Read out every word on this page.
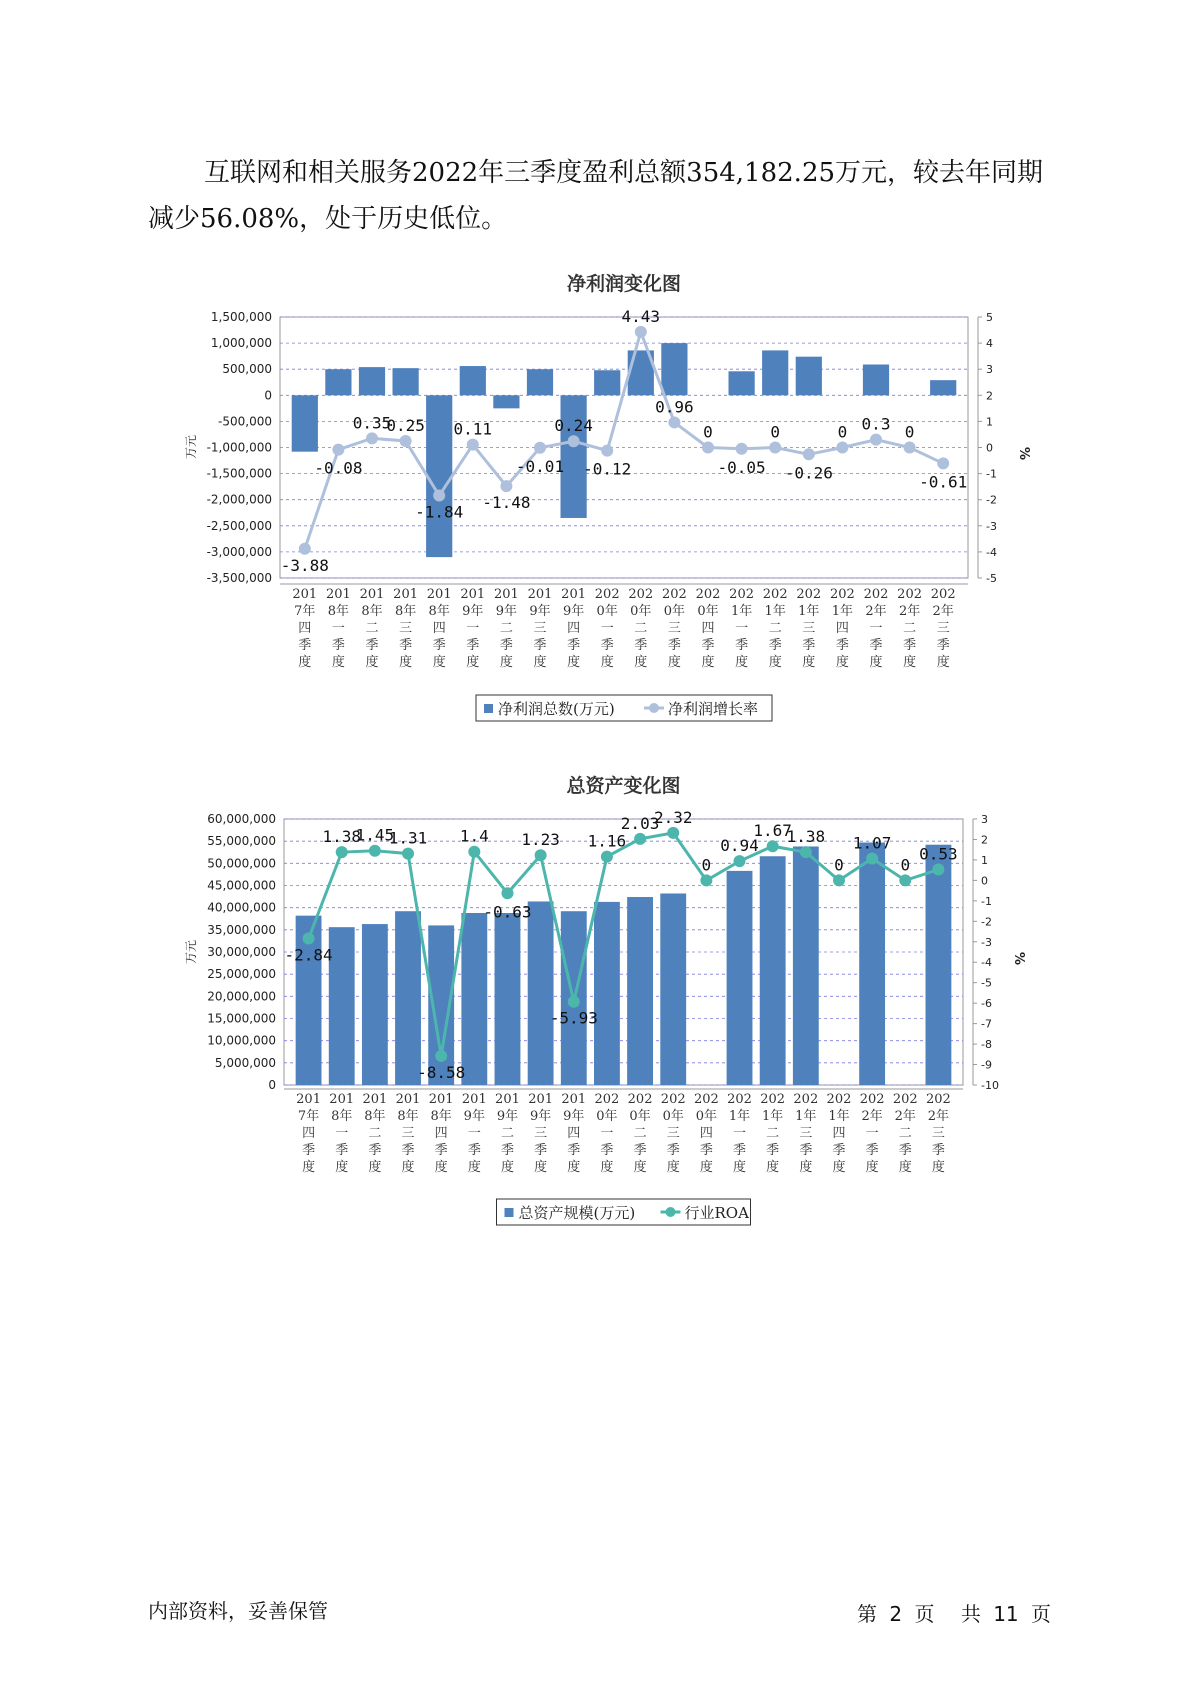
互联网和相关服务2022年三季度盈利总额354,182.25万元，较去年同期减少56.08%，处于历史低位。

净利润变化图
1,500,000
1,000,000
500,000
0
-500,000
-1,000,000
-1,500,000
-2,000,000
-2,500,000
-3,000,000
-3,500,000
5
4
3
2
1
0
-1
-2
-3
-4
-5
%
万元
-3.88
-0.08
0.35
0.25
-1.84
0.11
-1.48
-0.01
0.24
-0.12
4.43
0.96
0
-0.05
0
-0.26
0 0.3 0
-0.61
201 7年四季度
201 8年一季度
201 8年二季度
201 8年三季度
201 8年四季度
201 9年一季度
201 9年二季度
201 9年三季度
201 9年四季度
202 0年一季度
202 0年二季度
202 0年三季度
202 0年四季度
202 1年一季度
202 1年二季度
202 1年三季度
202 1年四季度
202 2年一季度
202 2年二季度
202 2年三季度
净利润总数(万元)	净利润增长率
总资产变化图
60,000,000
55,000,000
50,000,000
45,000,000
40,000,000
35,000,000
30,000,000
25,000,000
20,000,000
15,000,000
10,000,000
5,000,000
0
3
2
1
0
-1
-2
-3
-4
-5
-6
-7
-8
-9
-10
%
万元	-2.84
1.38
1.45
1.31
-8.58
1.4
-0.63
1.23
-5.93
1.16
2.03
2.32
0
0.94
1.67
1.38
0
1.07
0
0.53
201 7年四季度
201 8年一季度
201 8年二季度
201 8年三季度
201 8年四季度
201 9年一季度
201 9年二季度
201 9年三季度
201 9年四季度
202 0年一季度
202 0年二季度
202 0年三季度
202 0年四季度
202 1年一季度
202 1年二季度
202 1年三季度
202 1年四季度
202 2年一季度
202 2年二季度
202 2年三季度
总资产规模(万元)	行业ROA
内部资料，妥善保管	第 2 页 共 11 页
